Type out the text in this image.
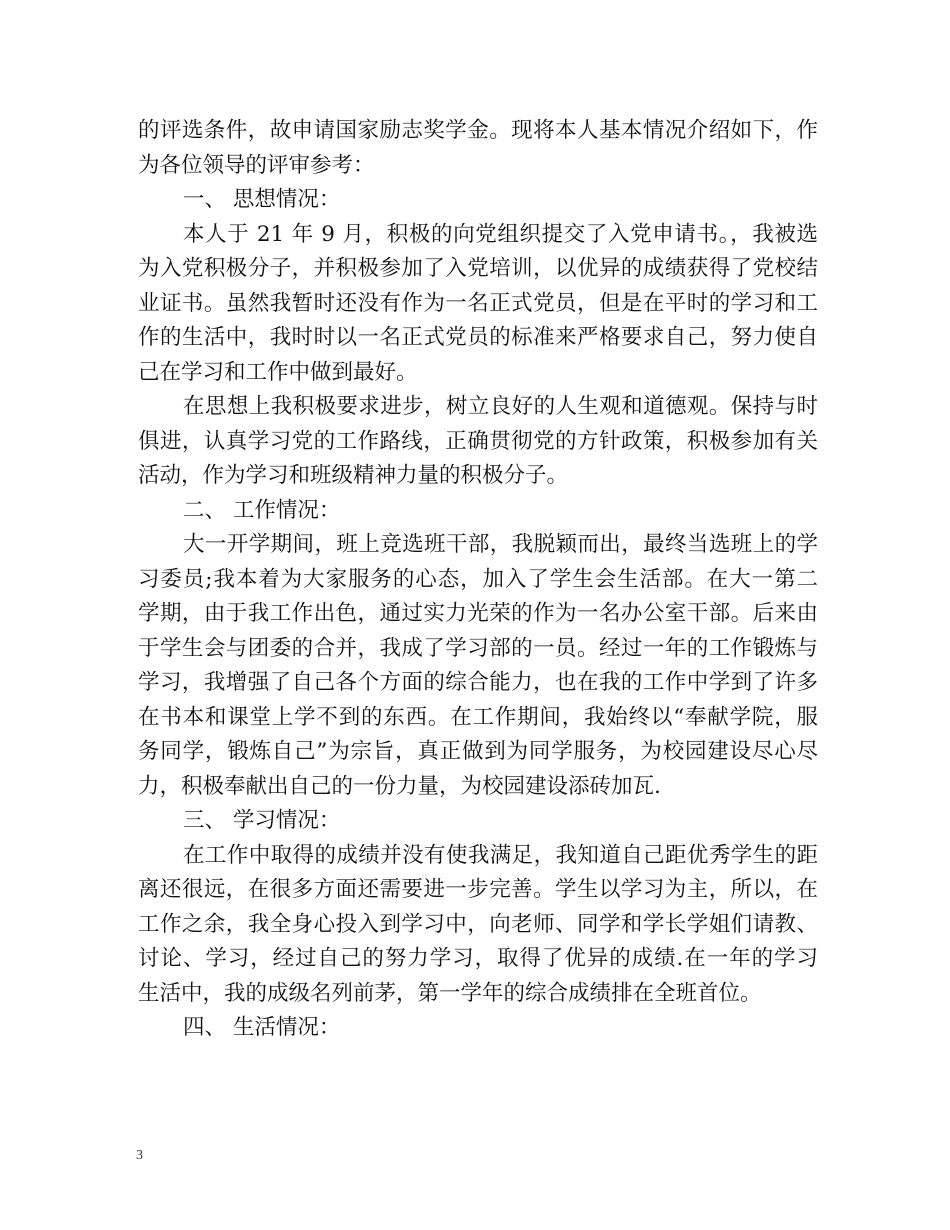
的评选条件，故申请国家励志奖学金。现将本人基本情况介绍如下，作
为各位领导的评审参考：
一、 思想情况：
本人于 21 年 9 月，积极的向党组织提交了入党申请书。，我被选
为入党积极分子，并积极参加了入党培训，以优异的成绩获得了党校结
业证书。虽然我暂时还没有作为一名正式党员，但是在平时的学习和工
作的生活中，我时时以一名正式党员的标准来严格要求自己，努力使自
己在学习和工作中做到最好。
在思想上我积极要求进步，树立良好的人生观和道德观。保持与时
俱进，认真学习党的工作路线，正确贯彻党的方针政策，积极参加有关
活动，作为学习和班级精神力量的积极分子。
二、 工作情况：
大一开学期间，班上竞选班干部，我脱颖而出，最终当选班上的学
习委员;我本着为大家服务的心态，加入了学生会生活部。在大一第二
学期，由于我工作出色，通过实力光荣的作为一名办公室干部。后来由
于学生会与团委的合并，我成了学习部的一员。经过一年的工作锻炼与
学习，我增强了自己各个方面的综合能力，也在我的工作中学到了许多
在书本和课堂上学不到的东西。在工作期间，我始终以“奉献学院，服
务同学，锻炼自己”为宗旨，真正做到为同学服务，为校园建设尽心尽
力，积极奉献出自己的一份力量，为校园建设添砖加瓦.
三、 学习情况：
在工作中取得的成绩并没有使我满足，我知道自己距优秀学生的距
离还很远，在很多方面还需要进一步完善。学生以学习为主，所以，在
工作之余，我全身心投入到学习中，向老师、同学和学长学姐们请教、
讨论、学习，经过自己的努力学习，取得了优异的成绩.在一年的学习
生活中，我的成级名列前茅，第一学年的综合成绩排在全班首位。
四、 生活情况：
3
